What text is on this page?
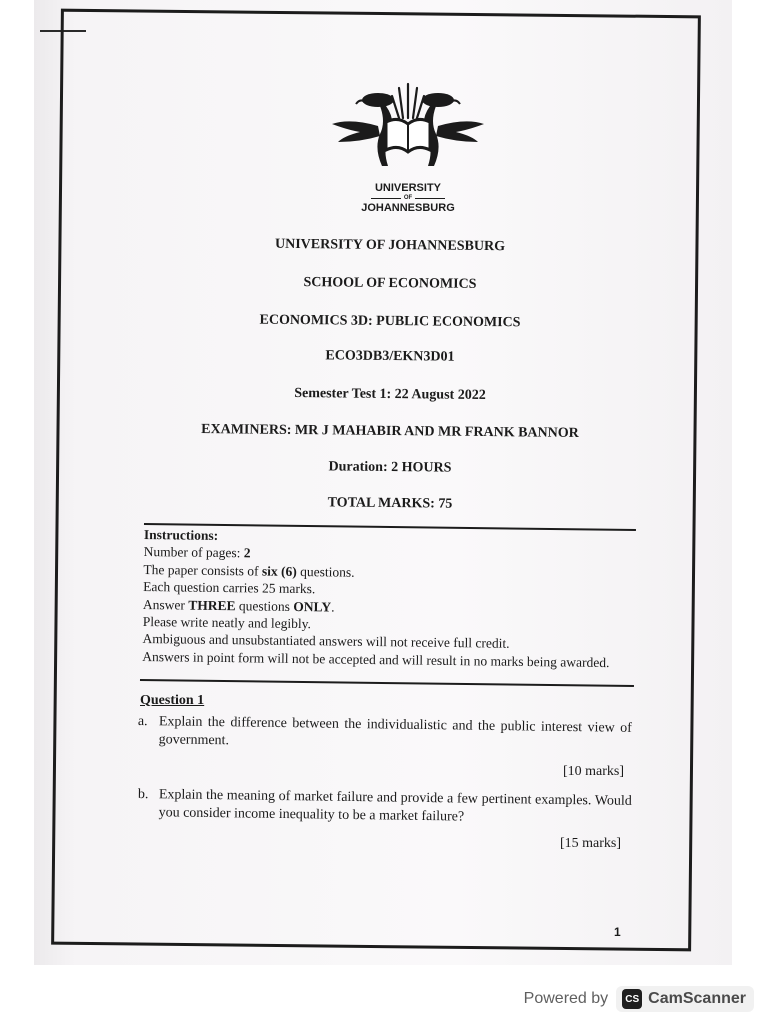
UNIVERSITY
OF
JOHANNESBURG
UNIVERSITY OF JOHANNESBURG
SCHOOL OF ECONOMICS
ECONOMICS 3D: PUBLIC ECONOMICS
ECO3DB3/EKN3D01
Semester Test 1: 22 August 2022
EXAMINERS: MR J MAHABIR AND MR FRANK BANNOR
Duration: 2 HOURS
TOTAL MARKS: 75
Instructions:
Number of pages: 2
The paper consists of six (6) questions.
Each question carries 25 marks.
Answer THREE questions ONLY.
Please write neatly and legibly.
Ambiguous and unsubstantiated answers will not receive full credit.
Answers in point form will not be accepted and will result in no marks being awarded.
Question 1
a. Explain the difference between the individualistic and the public interest view of government.
[10 marks]
b. Explain the meaning of market failure and provide a few pertinent examples. Would you consider income inequality to be a market failure?
[15 marks]
1
Powered by	CS CamScanner
